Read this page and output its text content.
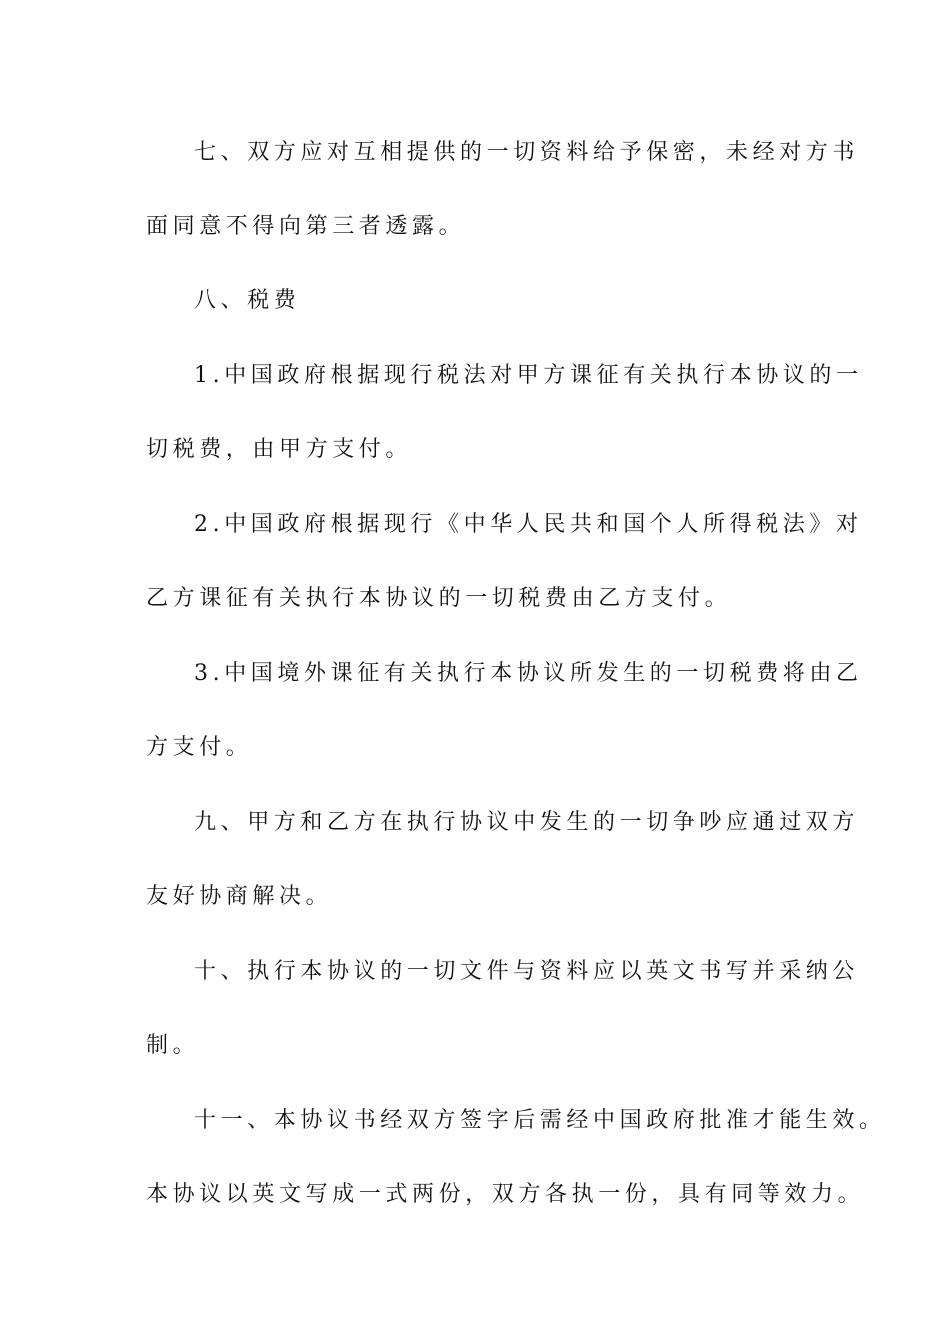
七、双方应对互相提供的一切资料给予保密，未经对方书
面同意不得向第三者透露。
八、税费
1.中国政府根据现行税法对甲方课征有关执行本协议的一
切税费，由甲方支付。
2.中国政府根据现行《中华人民共和国个人所得税法》对
乙方课征有关执行本协议的一切税费由乙方支付。
3.中国境外课征有关执行本协议所发生的一切税费将由乙
方支付。
九、甲方和乙方在执行协议中发生的一切争吵应通过双方
友好协商解决。
十、执行本协议的一切文件与资料应以英文书写并采纳公
制。
十一、本协议书经双方签字后需经中国政府批准才能生效。
本协议以英文写成一式两份，双方各执一份，具有同等效力。
